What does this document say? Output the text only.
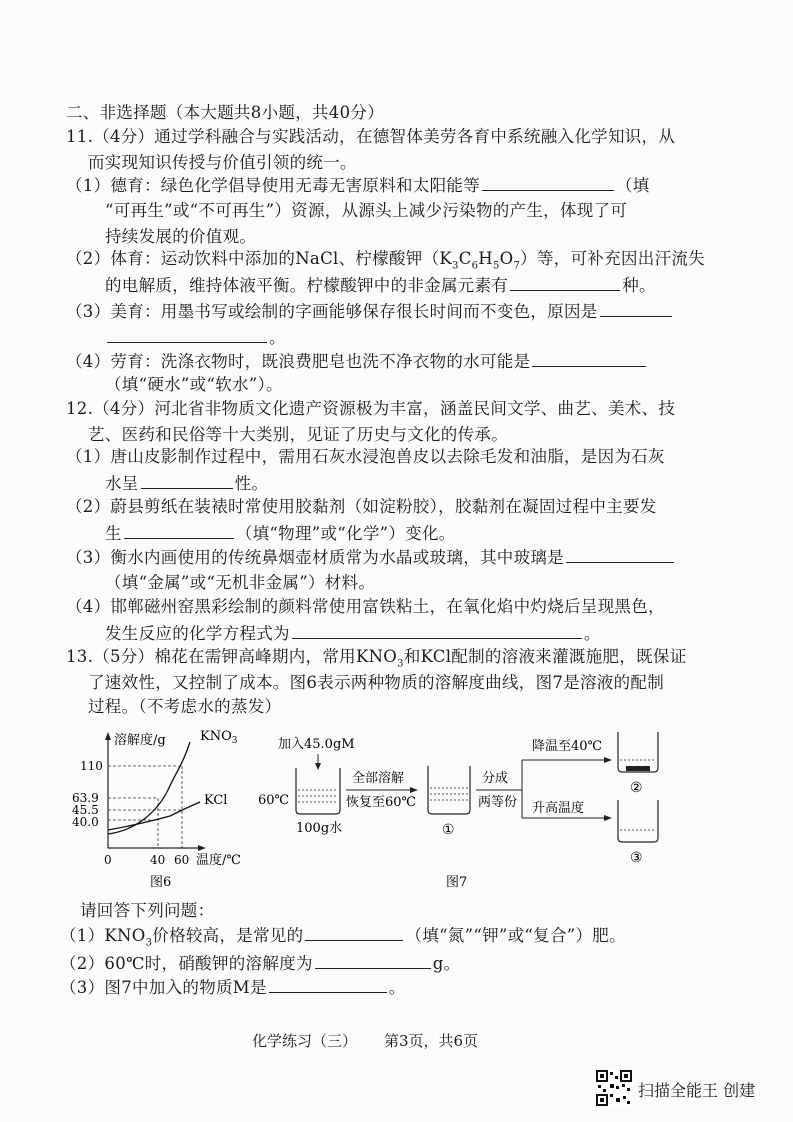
二、非选择题（本大题共8小题，共40分）
11.（4分）通过学科融合与实践活动，在德智体美劳各育中系统融入化学知识，从
而实现知识传授与价值引领的统一。
（1）德育：绿色化学倡导使用无毒无害原料和太阳能等	（填
“可再生”或“不可再生”）资源，从源头上减少污染物的产生，体现了可
持续发展的价值观。
（2）体育：运动饮料中添加的NaCl、柠檬酸钾$(K_3C_6H_5O_7)$等，可补充因出汗流失
的电解质，维持体液平衡。柠檬酸钾中的非金属元素有	种。
（3）美育：用墨书写或绘制的字画能够保存很长时间而不变色，原因是
。
（4）劳育：洗涤衣物时，既浪费肥皂也洗不净衣物的水可能是
（填“硬水”或“软水”）。
12.（4分）河北省非物质文化遗产资源极为丰富，涵盖民间文学、曲艺、美术、技
艺、医药和民俗等十大类别，见证了历史与文化的传承。
（1）唐山皮影制作过程中，需用石灰水浸泡兽皮以去除毛发和油脂，是因为石灰
水呈	性。
（2）蔚县剪纸在装裱时常使用胶黏剂（如淀粉胶），胶黏剂在凝固过程中主要发
生	（填“物理”或“化学”）变化。
（3）衡水内画使用的传统鼻烟壶材质常为水晶或玻璃，其中玻璃是
（填“金属”或“无机非金属”）材料。
（4）邯郸磁州窑黑彩绘制的颜料常使用富铁粘土，在氧化焰中灼烧后呈现黑色，
发生反应的化学方程式为	。
13.（5分）棉花在需钾高峰期内，常用$KNO_3$和KCl配制的溶液来灌溉施肥，既保证
了速效性，又控制了成本。图6表示两种物质的溶解度曲线，图7是溶液的配制
过程。（不考虑水的蒸发）
溶解度/g	$KNO_3$
KCl
110
63.9
45.5
40.0
0	40 60 温度/℃
图6
加入45.0gM
60℃
100g水
全部溶解
恢复至60℃
①
分成
两等份
降温至40℃
升高温度
②
③
图7
请回答下列问题：
$(1)KNO_3$价格较高，是常见的	（填“氮”“钾”或“复合”）肥。
（2）60℃时，硝酸钾的溶解度为	g。
（3）图7中加入的物质M是	。
化学练习（三） 第3页，共6页
扫描全能王 创建
